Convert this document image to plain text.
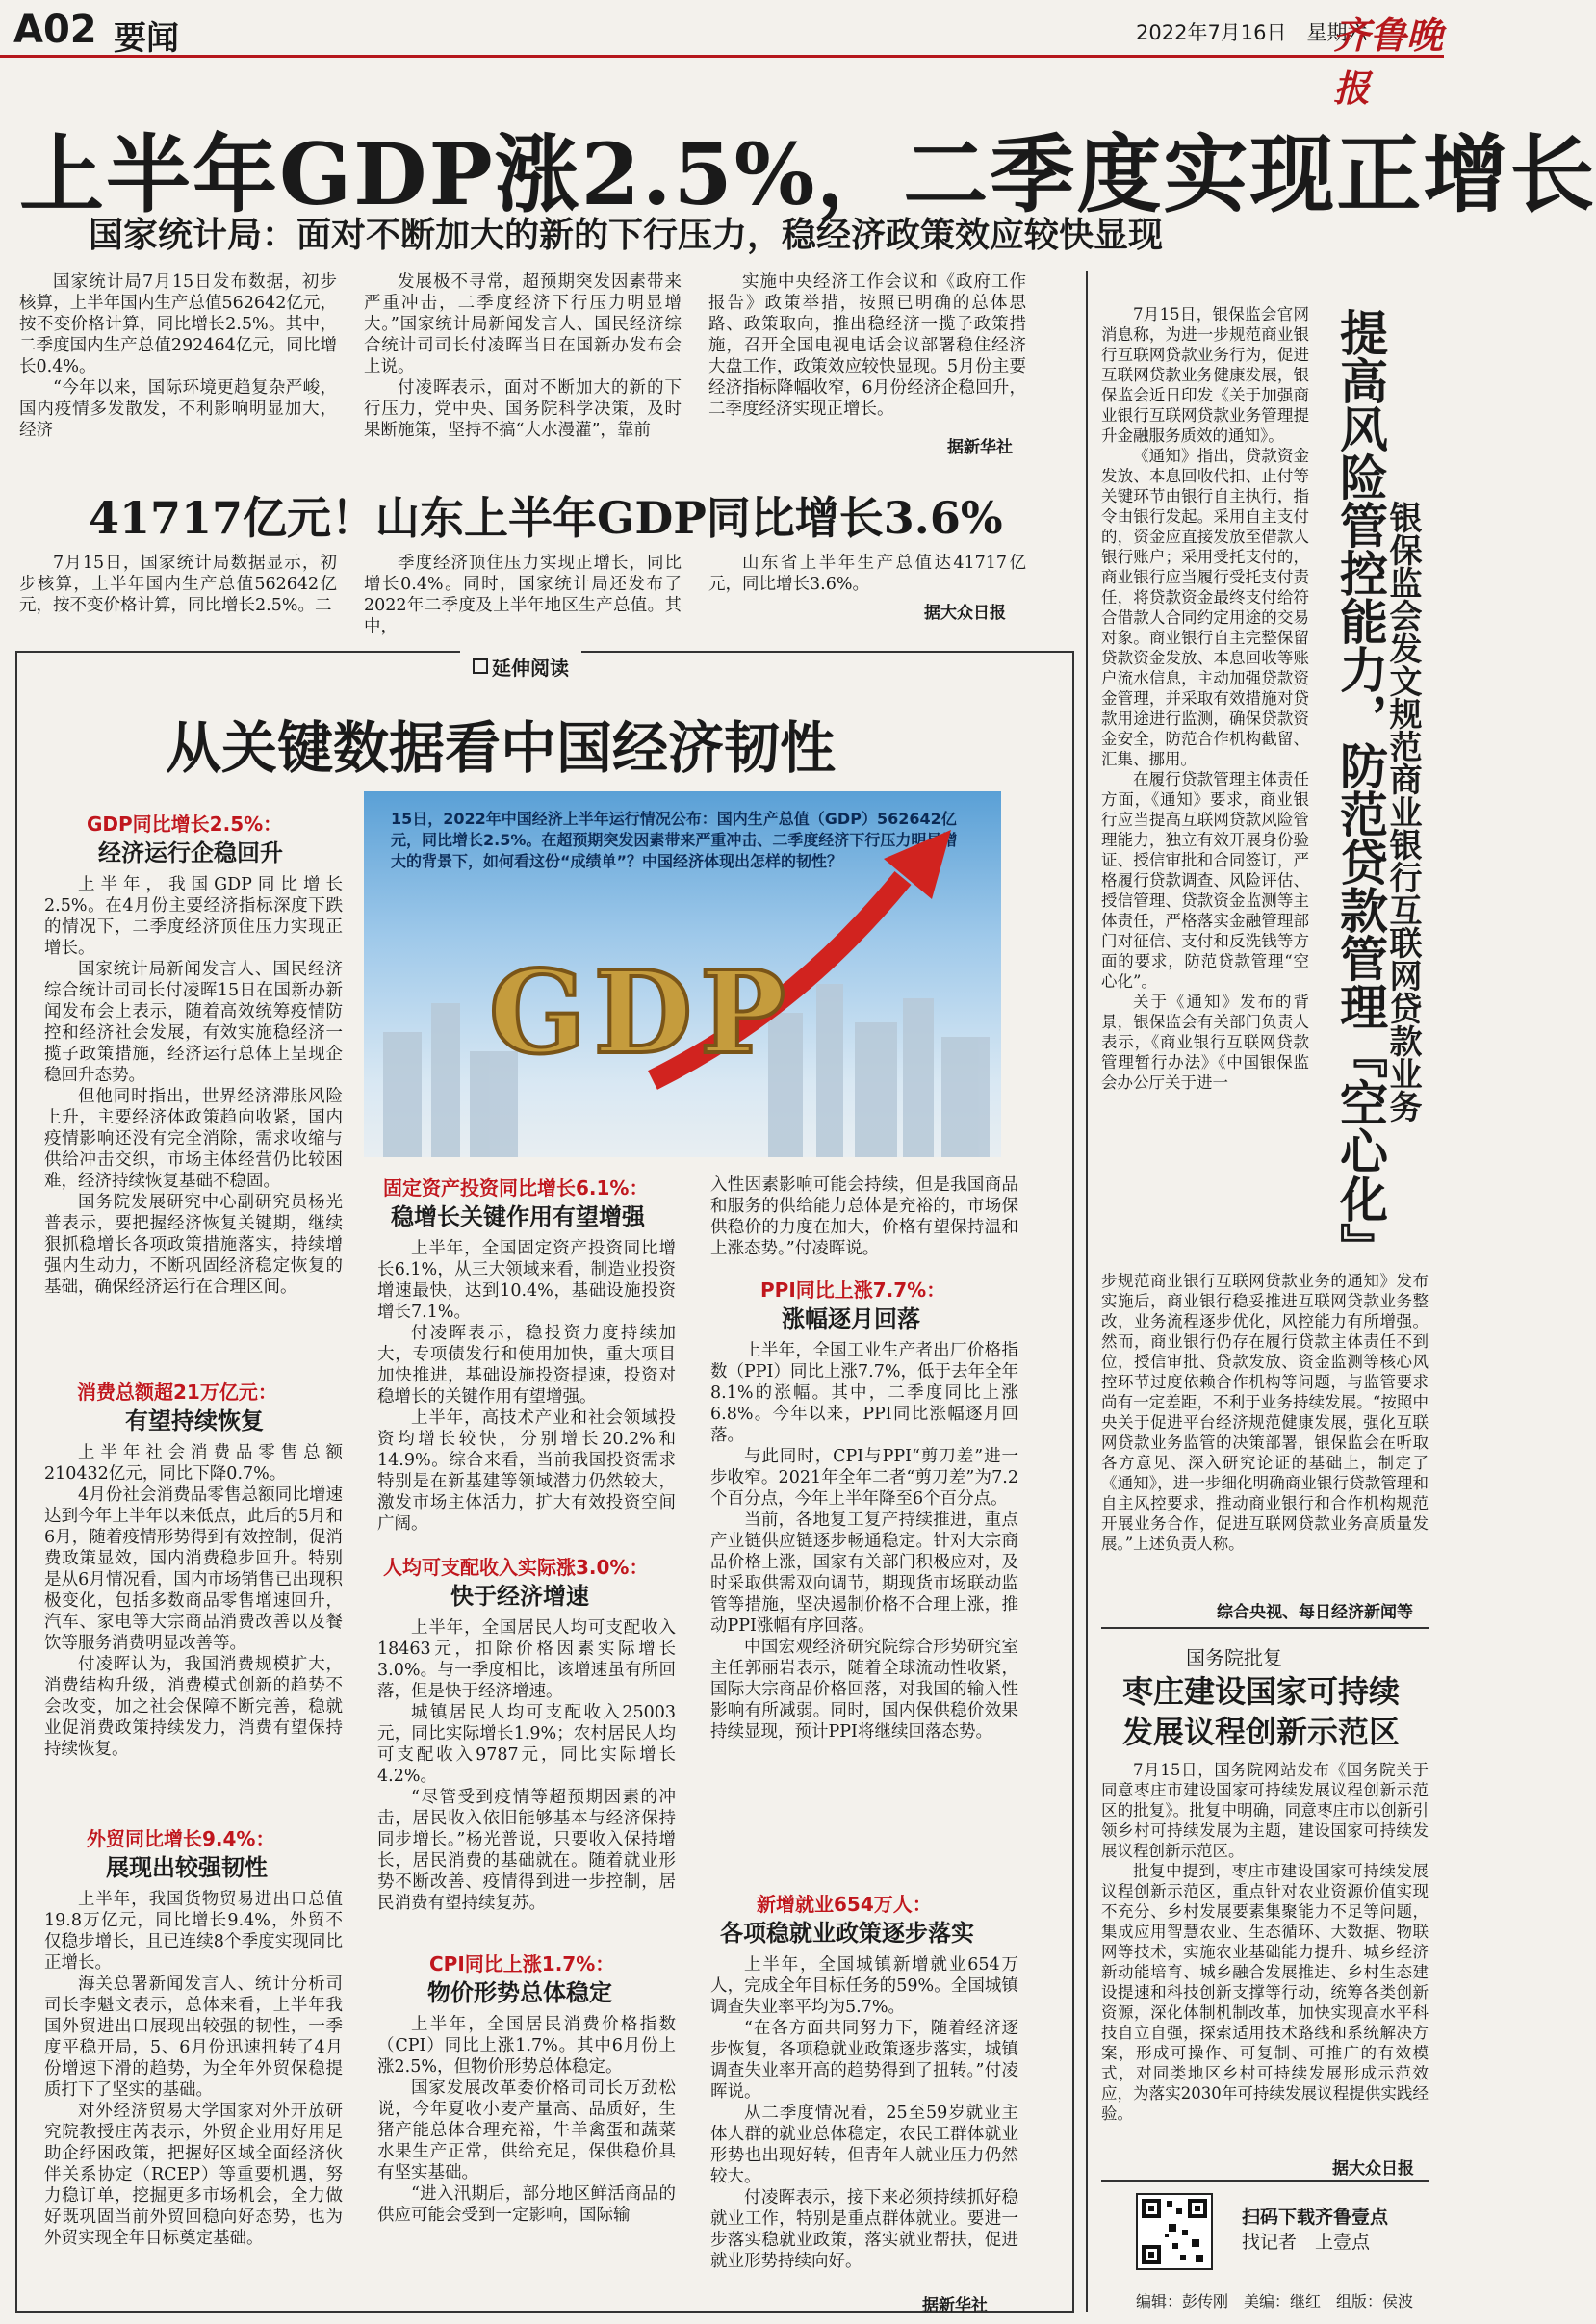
A02 要闻	2022年7月16日　星期六
齐鲁晚报
上半年GDP涨2.5%，二季度实现正增长
国家统计局：面对不断加大的新的下行压力，稳经济政策效应较快显现

国家统计局7月15日发布数据，初步核算，上半年国内生产总值562642亿元，按不变价格计算，同比增长2.5%。其中，二季度国内生产总值292464亿元，同比增长0.4%。

“今年以来，国际环境更趋复杂严峻，国内疫情多发散发，不利影响明显加大，经济

发展极不寻常，超预期突发因素带来严重冲击，二季度经济下行压力明显增大。”国家统计局新闻发言人、国民经济综合统计司司长付凌晖当日在国新办发布会上说。

付凌晖表示，面对不断加大的新的下行压力，党中央、国务院科学决策，及时果断施策，坚持不搞“大水漫灌”，靠前

实施中央经济工作会议和《政府工作报告》政策举措，按照已明确的总体思路、政策取向，推出稳经济一揽子政策措施，召开全国电视电话会议部署稳住经济大盘工作，政策效应较快显现。5月份主要经济指标降幅收窄，6月份经济企稳回升，二季度经济实现正增长。

据新华社
41717亿元！山东上半年GDP同比增长3.6%

7月15日，国家统计局数据显示，初步核算，上半年国内生产总值562642亿元，按不变价格计算，同比增长2.5%。二

季度经济顶住压力实现正增长，同比增长0.4%。同时，国家统计局还发布了2022年二季度及上半年地区生产总值。其中，

山东省上半年生产总值达41717亿元，同比增长3.6%。

据大众日报
延伸阅读
从关键数据看中国经济韧性
15日，2022年中国经济上半年运行情况公布：国内生产总值（GDP）562642亿元，同比增长2.5%。在超预期突发因素带来严重冲击、二季度经济下行压力明显增大的背景下，如何看这份“成绩单”？中国经济体现出怎样的韧性？
GDP
GDP同比增长2.5%：
经济运行企稳回升

上半年，我国GDP同比增长2.5%。在4月份主要经济指标深度下跌的情况下，二季度经济顶住压力实现正增长。

国家统计局新闻发言人、国民经济综合统计司司长付凌晖15日在国新办新闻发布会上表示，随着高效统筹疫情防控和经济社会发展，有效实施稳经济一揽子政策措施，经济运行总体上呈现企稳回升态势。

但他同时指出，世界经济滞胀风险上升，主要经济体政策趋向收紧，国内疫情影响还没有完全消除，需求收缩与供给冲击交织，市场主体经营仍比较困难，经济持续恢复基础不稳固。

国务院发展研究中心副研究员杨光普表示，要把握经济恢复关键期，继续狠抓稳增长各项政策措施落实，持续增强内生动力，不断巩固经济稳定恢复的基础，确保经济运行在合理区间。

消费总额超21万亿元：
有望持续恢复

上半年社会消费品零售总额210432亿元，同比下降0.7%。

4月份社会消费品零售总额同比增速达到今年上半年以来低点，此后的5月和6月，随着疫情形势得到有效控制，促消费政策显效，国内消费稳步回升。特别是从6月情况看，国内市场销售已出现积极变化，包括多数商品零售增速回升，汽车、家电等大宗商品消费改善以及餐饮等服务消费明显改善等。

付凌晖认为，我国消费规模扩大，消费结构升级，消费模式创新的趋势不会改变，加之社会保障不断完善，稳就业促消费政策持续发力，消费有望保持持续恢复。

外贸同比增长9.4%：
展现出较强韧性

上半年，我国货物贸易进出口总值19.8万亿元，同比增长9.4%，外贸不仅稳步增长，且已连续8个季度实现同比正增长。

海关总署新闻发言人、统计分析司司长李魁文表示，总体来看，上半年我国外贸进出口展现出较强的韧性，一季度平稳开局，5、6月份迅速扭转了4月份增速下滑的趋势，为全年外贸保稳提质打下了坚实的基础。

对外经济贸易大学国家对外开放研究院教授庄芮表示，外贸企业用好用足助企纾困政策，把握好区域全面经济伙伴关系协定（RCEP）等重要机遇，努力稳订单，挖掘更多市场机会，全力做好既巩固当前外贸回稳向好态势，也为外贸实现全年目标奠定基础。

固定资产投资同比增长6.1%：
稳增长关键作用有望增强

上半年，全国固定资产投资同比增长6.1%，从三大领域来看，制造业投资增速最快，达到10.4%，基础设施投资增长7.1%。

付凌晖表示，稳投资力度持续加大，专项债发行和使用加快，重大项目加快推进，基础设施投资提速，投资对稳增长的关键作用有望增强。

上半年，高技术产业和社会领域投资均增长较快，分别增长20.2%和14.9%。综合来看，当前我国投资需求特别是在新基建等领域潜力仍然较大，激发市场主体活力，扩大有效投资空间广阔。

人均可支配收入实际涨3.0%：
快于经济增速

上半年，全国居民人均可支配收入18463元，扣除价格因素实际增长3.0%。与一季度相比，该增速虽有所回落，但是快于经济增速。

城镇居民人均可支配收入25003元，同比实际增长1.9%；农村居民人均可支配收入9787元，同比实际增长4.2%。

“尽管受到疫情等超预期因素的冲击，居民收入依旧能够基本与经济保持同步增长。”杨光普说，只要收入保持增长，居民消费的基础就在。随着就业形势不断改善、疫情得到进一步控制，居民消费有望持续复苏。

CPI同比上涨1.7%：
物价形势总体稳定

上半年，全国居民消费价格指数（CPI）同比上涨1.7%。其中6月份上涨2.5%，但物价形势总体稳定。

国家发展改革委价格司司长万劲松说，今年夏收小麦产量高、品质好，生猪产能总体合理充裕，牛羊禽蛋和蔬菜水果生产正常，供给充足，保供稳价具有坚实基础。

“进入汛期后，部分地区鲜活商品的供应可能会受到一定影响，国际输

入性因素影响可能会持续，但是我国商品和服务的供给能力总体是充裕的，市场保供稳价的力度在加大，价格有望保持温和上涨态势。”付凌晖说。

PPI同比上涨7.7%：
涨幅逐月回落

上半年，全国工业生产者出厂价格指数（PPI）同比上涨7.7%，低于去年全年8.1%的涨幅。其中，二季度同比上涨6.8%。今年以来，PPI同比涨幅逐月回落。

与此同时，CPI与PPI“剪刀差”进一步收窄。2021年全年二者“剪刀差”为7.2个百分点，今年上半年降至6个百分点。

当前，各地复工复产持续推进，重点产业链供应链逐步畅通稳定。针对大宗商品价格上涨，国家有关部门积极应对，及时采取供需双向调节，期现货市场联动监管等措施，坚决遏制价格不合理上涨，推动PPI涨幅有序回落。

中国宏观经济研究院综合形势研究室主任郭丽岩表示，随着全球流动性收紧，国际大宗商品价格回落，对我国的输入性影响有所减弱。同时，国内保供稳价效果持续显现，预计PPI将继续回落态势。

新增就业654万人：
各项稳就业政策逐步落实

上半年，全国城镇新增就业654万人，完成全年目标任务的59%。全国城镇调查失业率平均为5.7%。

“在各方面共同努力下，随着经济逐步恢复，各项稳就业政策逐步落实，城镇调查失业率开高的趋势得到了扭转。”付凌晖说。

从二季度情况看，25至59岁就业主体人群的就业总体稳定，农民工群体就业形势也出现好转，但青年人就业压力仍然较大。

付凌晖表示，接下来必须持续抓好稳就业工作，特别是重点群体就业。要进一步落实稳就业政策，落实就业帮扶，促进就业形势持续向好。

据新华社
提高风险管控能力，防范贷款管理『空心化』
银保监会发文规范商业银行互联网贷款业务

7月15日，银保监会官网消息称，为进一步规范商业银行互联网贷款业务行为，促进互联网贷款业务健康发展，银保监会近日印发《关于加强商业银行互联网贷款业务管理提升金融服务质效的通知》。

《通知》指出，贷款资金发放、本息回收代扣、止付等关键环节由银行自主执行，指令由银行发起。采用自主支付的，资金应直接发放至借款人银行账户；采用受托支付的，商业银行应当履行受托支付责任，将贷款资金最终支付给符合借款人合同约定用途的交易对象。商业银行自主完整保留贷款资金发放、本息回收等账户流水信息，主动加强贷款资金管理，并采取有效措施对贷款用途进行监测，确保贷款资金安全，防范合作机构截留、汇集、挪用。

在履行贷款管理主体责任方面，《通知》要求，商业银行应当提高互联网贷款风险管理能力，独立有效开展身份验证、授信审批和合同签订，严格履行贷款调查、风险评估、授信管理、贷款资金监测等主体责任，严格落实金融管理部门对征信、支付和反洗钱等方面的要求，防范贷款管理“空心化”。

关于《通知》发布的背景，银保监会有关部门负责人表示，《商业银行互联网贷款管理暂行办法》《中国银保监会办公厅关于进一

步规范商业银行互联网贷款业务的通知》发布实施后，商业银行稳妥推进互联网贷款业务整改，业务流程逐步优化，风控能力有所增强。然而，商业银行仍存在履行贷款主体责任不到位，授信审批、贷款发放、资金监测等核心风控环节过度依赖合作机构等问题，与监管要求尚有一定差距，不利于业务持续发展。“按照中央关于促进平台经济规范健康发展，强化互联网贷款业务监管的决策部署，银保监会在听取各方意见、深入研究论证的基础上，制定了《通知》，进一步细化明确商业银行贷款管理和自主风控要求，推动商业银行和合作机构规范开展业务合作，促进互联网贷款业务高质量发展。”上述负责人称。

综合央视、每日经济新闻等
国务院批复
枣庄建设国家可持续发展议程创新示范区

7月15日，国务院网站发布《国务院关于同意枣庄市建设国家可持续发展议程创新示范区的批复》。批复中明确，同意枣庄市以创新引领乡村可持续发展为主题，建设国家可持续发展议程创新示范区。

批复中提到，枣庄市建设国家可持续发展议程创新示范区，重点针对农业资源价值实现不充分、乡村发展要素集聚能力不足等问题，集成应用智慧农业、生态循环、大数据、物联网等技术，实施农业基础能力提升、城乡经济新动能培育、城乡融合发展推进、乡村生态建设提速和科技创新支撑等行动，统筹各类创新资源，深化体制机制改革，加快实现高水平科技自立自强，探索适用技术路线和系统解决方案，形成可操作、可复制、可推广的有效模式，对同类地区乡村可持续发展形成示范效应，为落实2030年可持续发展议程提供实践经验。

据大众日报
扫码下载齐鲁壹点
找记者　上壹点
编辑：彭传刚　美编：继红　组版：侯波
